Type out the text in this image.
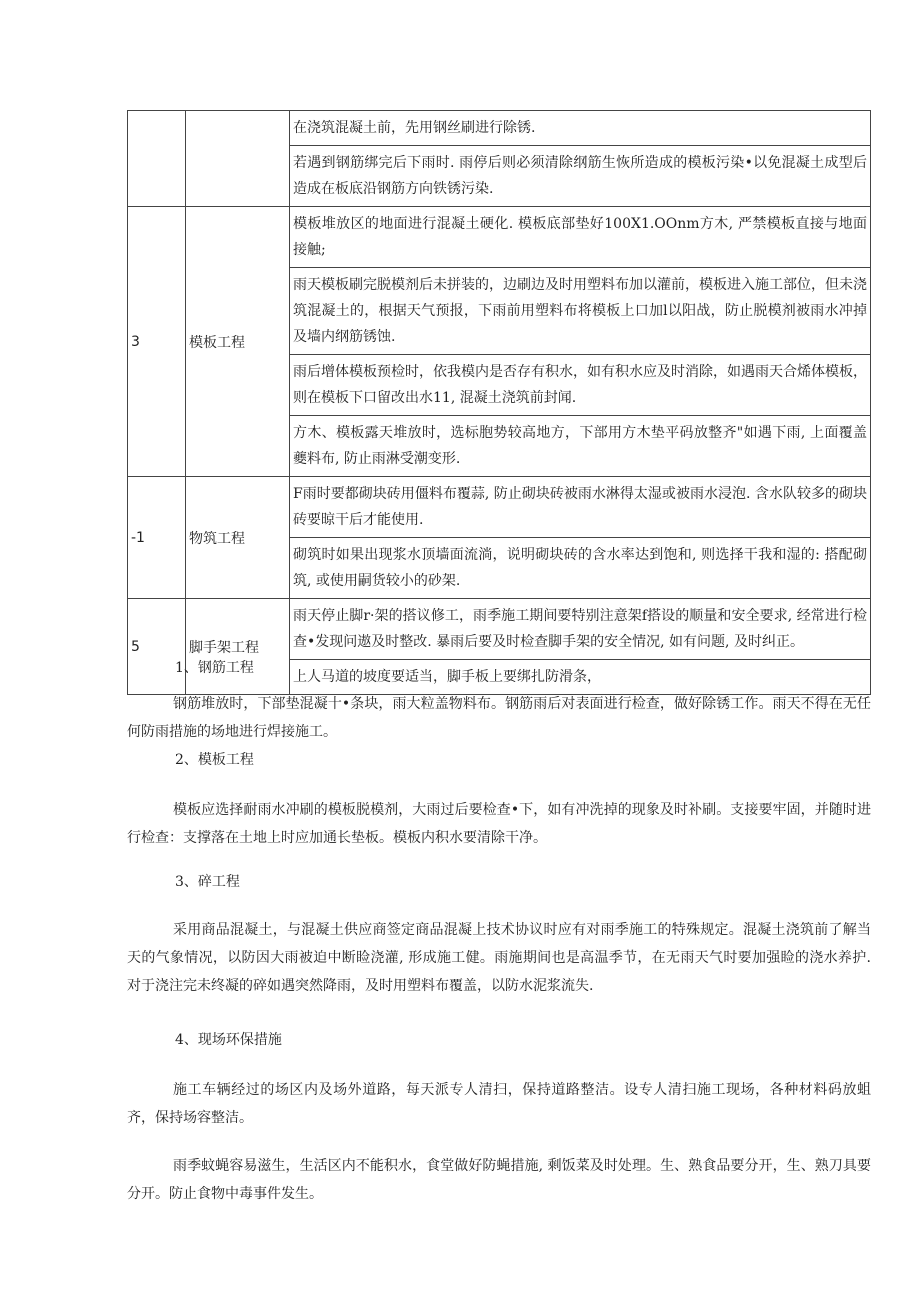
		在浇筑混凝土前，先用钢丝刷进行除锈.
		若遇到钢筋绑完后下雨时. 雨停后则必须清除纲筋生恢所造成的模板污染•以免混凝土成型后造成在板底沿钢筋方向铁锈污染.
3	模板工程	模板堆放区的地面进行混凝土硬化. 模板底部垫好100X1.OOnm方木, 严禁模板直接与地面接触;
		雨天模板刷完脱模剂后未拼装的，边刷边及时用塑料布加以灌前，模板进入施工部位，但未浇筑混凝土的，根据天气预报，下雨前用塑料布将模板上口加l以阳战，防止脱模剂被雨水冲掉及墙内纲筋锈蚀.
		雨后增体模板预检时，依我模内是否存有积水，如有积水应及时消除，如遇雨天合烯体模板，则在模板下口留改出水11, 混凝土浇筑前封闻.
		方木、模板露天堆放时，选标胞势较高地方，下部用方木垫平码放整齐"如遇下雨, 上面覆盖夔料布, 防止雨淋受潮变形.
-1	物筑工程	F雨时要都砌块砖用僵料布覆蒜, 防止砌块砖被雨水淋得太湿或被雨水浸泡. 含水队较多的砌块砖要晾干后才能使用.
		砌筑时如果出现浆水顶墙面流淌，说明砌块砖的含水率达到饱和, 则选择干我和湿的: 搭配砌筑, 或使用嗣货较小的砂架.
5	脚手架工程	雨天停止脚r·架的搭议修工，雨季施工期间要特别注意架f搭设的顺量和安全要求, 经常进行检查•发现问遨及时整改. 暴雨后要及时检查脚手架的安全情况, 如有问题, 及时纠正。
		上人马道的坡度要适当，脚手板上要绑扎防滑条，

1、钢筋工程

钢筋堆放时，下部垫混凝十•条块，雨大粒盖物料布。钢筋雨后对表面进行检查，做好除锈工作。雨天不得在无任何防雨措施的场地进行焊接施工。

2、模板工程

模板应选择耐雨水冲刷的模板脱模剂，大雨过后要检查•下，如有冲洗掉的现象及时补刷。支接要牢固，并随时进行检查：支撑落在土地上时应加通长垫板。模板内积水要清除干净。

3、碎工程

采用商品混凝土，与混凝土供应商签定商品混凝上技术协议时应有对雨季施工的特殊规定。混凝土浇筑前了解当天的气象情况，以防因大雨被迫中断睑浇灌, 形成施工健。雨施期间也是高温季节，在无雨天气时要加强睑的浇水养护. 对于浇注完未终凝的碎如遇突然降雨，及时用塑料布覆盖，以防水泥浆流失.

4、现场环保措施

施工车辆经过的场区内及场外道路，每天派专人清扫，保持道路整洁。设专人清扫施工现场，各种材料码放蛆齐，保持场容整洁。

雨季蚊蝇容易滋生，生活区内不能积水，食堂做好防蝇措施, 剩饭菜及时处理。生、熟食品要分开，生、熟刀具要分开。防止食物中毒事件发生。
